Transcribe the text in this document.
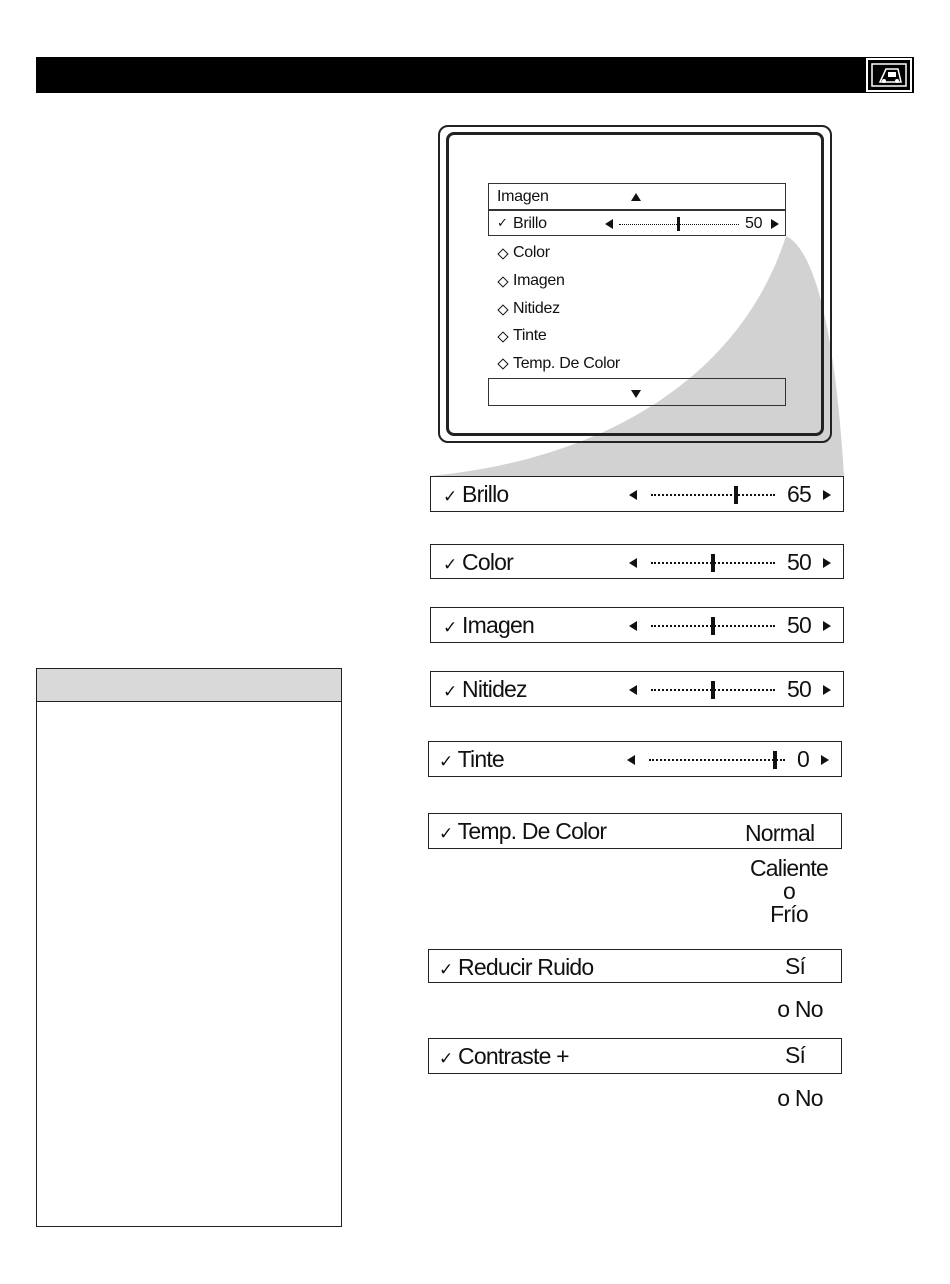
Imagen
✓ Brillo	50
Color
Imagen
Nitidez
Tinte
Temp. De Color
✓ Brillo	65
✓ Color	50
✓ Imagen	50
✓ Nitidez	50
✓ Tinte	0
✓ Temp. De Color	Normal
Caliente
o
Frío
✓ Reducir Ruido	Sí
o No
✓ Contraste +	Sí
o No
